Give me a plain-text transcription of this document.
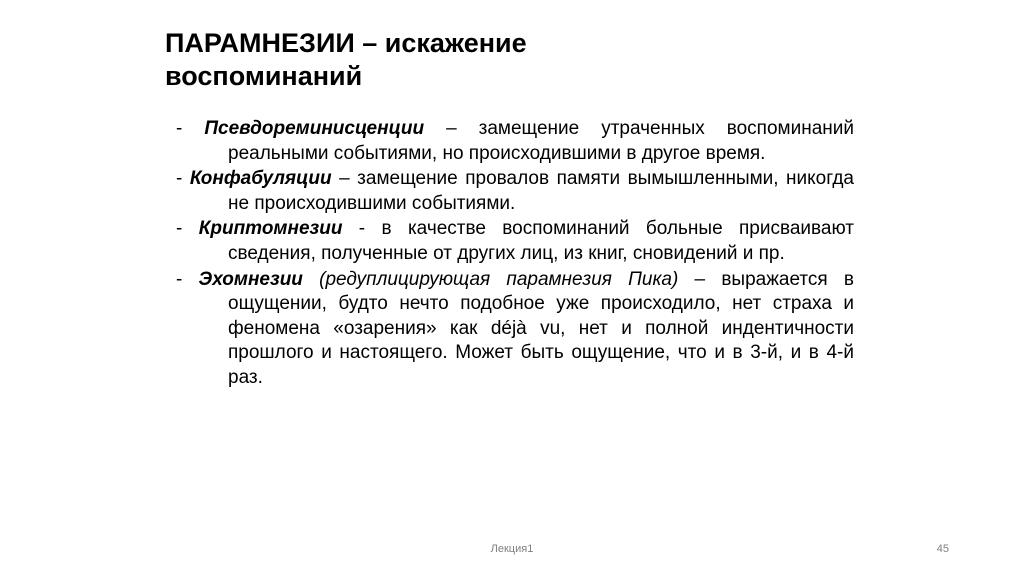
ПАРАМНЕЗИИ – искажение
воспоминаний

- Псевдореминисценции – замещение утраченных воспоминаний реальными событиями, но происходившими в другое время.

- Конфабуляции – замещение провалов памяти вымышленными, никогда не происходившими событиями.

- Криптомнезии - в качестве воспоминаний больные присваивают сведения, полученные от других лиц, из книг, сновидений и пр.

- Эхомнезии (редуплицирующая парамнезия Пика) – выражается в ощущении, будто нечто подобное уже происходило, нет страха и феномена «озарения» как déjà vu, нет и полной индентичности прошлого и настоящего. Может быть ощущение, что и в 3-й, и в 4-й раз.

Лекция1	45
